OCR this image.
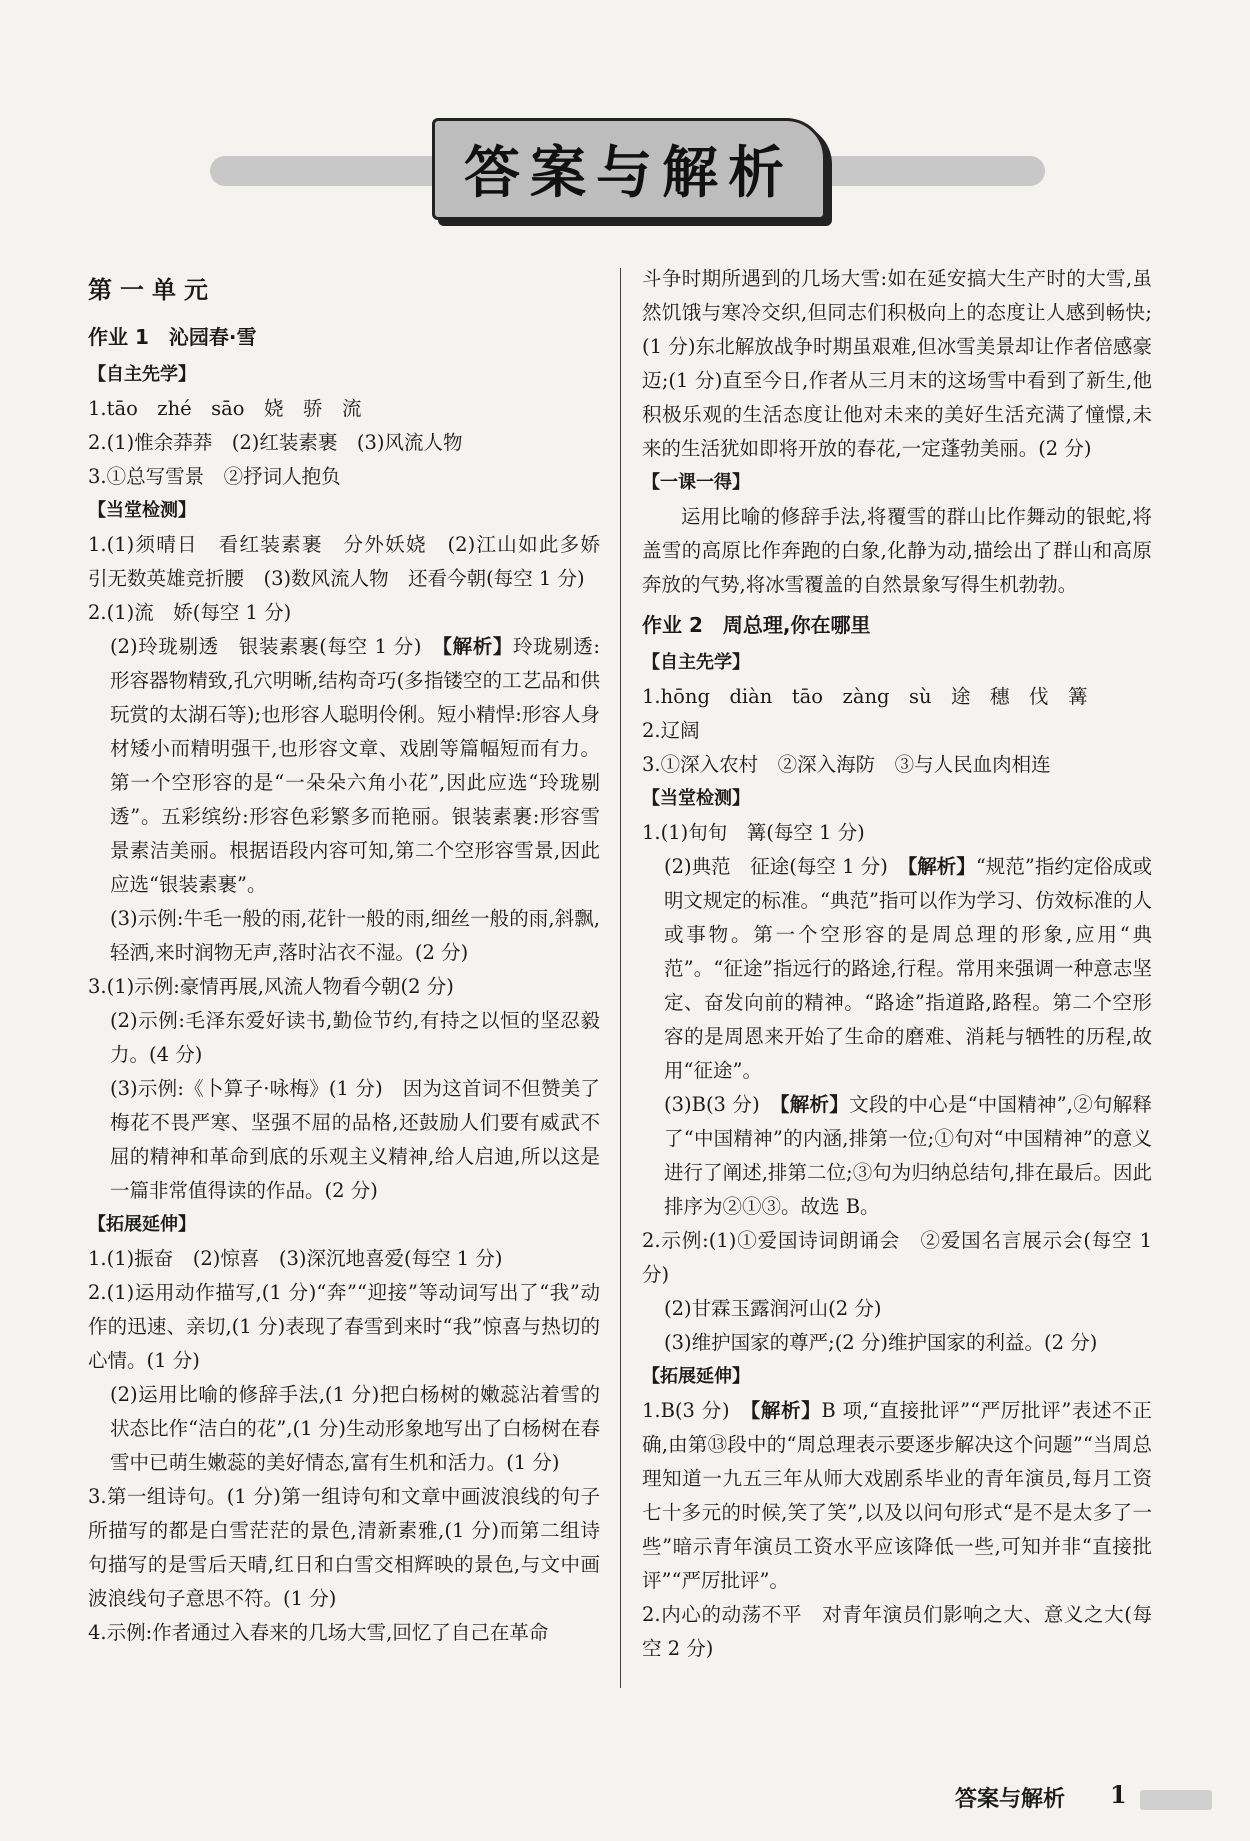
答案与解析
第一单元
作业 1　沁园春·雪
【自主先学】

1.tāo　zhé　sāo　娆　骄　流

2.(1)惟余莽莽　(2)红装素裹　(3)风流人物

3.①总写雪景　②抒词人抱负

【当堂检测】

1.(1)须晴日　看红装素裹　分外妖娆　(2)江山如此多娇　引无数英雄竞折腰　(3)数风流人物　还看今朝(每空 1 分)

2.(1)流　娇(每空 1 分)

(2)玲珑剔透　银装素裹(每空 1 分)　【解析】玲珑剔透:形容器物精致,孔穴明晰,结构奇巧(多指镂空的工艺品和供玩赏的太湖石等);也形容人聪明伶俐。短小精悍:形容人身材矮小而精明强干,也形容文章、戏剧等篇幅短而有力。第一个空形容的是“一朵朵六角小花”,因此应选“玲珑剔透”。五彩缤纷:形容色彩繁多而艳丽。银装素裹:形容雪景素洁美丽。根据语段内容可知,第二个空形容雪景,因此应选“银装素裹”。

(3)示例:牛毛一般的雨,花针一般的雨,细丝一般的雨,斜飘,轻洒,来时润物无声,落时沾衣不湿。(2 分)

3.(1)示例:豪情再展,风流人物看今朝(2 分)

(2)示例:毛泽东爱好读书,勤俭节约,有持之以恒的坚忍毅力。(4 分)

(3)示例:《卜算子·咏梅》(1 分)　因为这首词不但赞美了梅花不畏严寒、坚强不屈的品格,还鼓励人们要有威武不屈的精神和革命到底的乐观主义精神,给人启迪,所以这是一篇非常值得读的作品。(2 分)

【拓展延伸】

1.(1)振奋　(2)惊喜　(3)深沉地喜爱(每空 1 分)

2.(1)运用动作描写,(1 分)“奔”“迎接”等动词写出了“我”动作的迅速、亲切,(1 分)表现了春雪到来时“我”惊喜与热切的心情。(1 分)

(2)运用比喻的修辞手法,(1 分)把白杨树的嫩蕊沾着雪的状态比作“洁白的花”,(1 分)生动形象地写出了白杨树在春雪中已萌生嫩蕊的美好情态,富有生机和活力。(1 分)

3.第一组诗句。(1 分)第一组诗句和文章中画波浪线的句子所描写的都是白雪茫茫的景色,清新素雅,(1 分)而第二组诗句描写的是雪后天晴,红日和白雪交相辉映的景色,与文中画波浪线句子意思不符。(1 分)

4.示例:作者通过入春来的几场大雪,回忆了自己在革命

斗争时期所遇到的几场大雪:如在延安搞大生产时的大雪,虽然饥饿与寒冷交织,但同志们积极向上的态度让人感到畅快;(1 分)东北解放战争时期虽艰难,但冰雪美景却让作者倍感豪迈;(1 分)直至今日,作者从三月末的这场雪中看到了新生,他积极乐观的生活态度让他对未来的美好生活充满了憧憬,未来的生活犹如即将开放的春花,一定蓬勃美丽。(2 分)

【一课一得】

运用比喻的修辞手法,将覆雪的群山比作舞动的银蛇,将盖雪的高原比作奔跑的白象,化静为动,描绘出了群山和高原奔放的气势,将冰雪覆盖的自然景象写得生机勃勃。

作业 2　周总理,你在哪里
【自主先学】

1.hōng　diàn　tāo　zàng　sù　途　穗　伐　篝

2.辽阔

3.①深入农村　②深入海防　③与人民血肉相连

【当堂检测】

1.(1)旬旬　篝(每空 1 分)

(2)典范　征途(每空 1 分)　【解析】“规范”指约定俗成或明文规定的标准。“典范”指可以作为学习、仿效标准的人或事物。第一个空形容的是周总理的形象,应用“典范”。“征途”指远行的路途,行程。常用来强调一种意志坚定、奋发向前的精神。“路途”指道路,路程。第二个空形容的是周恩来开始了生命的磨难、消耗与牺牲的历程,故用“征途”。

(3)B(3 分)　【解析】文段的中心是“中国精神”,②句解释了“中国精神”的内涵,排第一位;①句对“中国精神”的意义进行了阐述,排第二位;③句为归纳总结句,排在最后。因此排序为②①③。故选 B。

2.示例:(1)①爱国诗词朗诵会　②爱国名言展示会(每空 1 分)

(2)甘霖玉露润河山(2 分)

(3)维护国家的尊严;(2 分)维护国家的利益。(2 分)

【拓展延伸】

1.B(3 分)　【解析】B 项,“直接批评”“严厉批评”表述不正确,由第⑬段中的“周总理表示要逐步解决这个问题”“当周总理知道一九五三年从师大戏剧系毕业的青年演员,每月工资七十多元的时候,笑了笑”,以及以问句形式“是不是太多了一些”暗示青年演员工资水平应该降低一些,可知并非“直接批评”“严厉批评”。

2.内心的动荡不平　对青年演员们影响之大、意义之大(每空 2 分)

答案与解析 1
